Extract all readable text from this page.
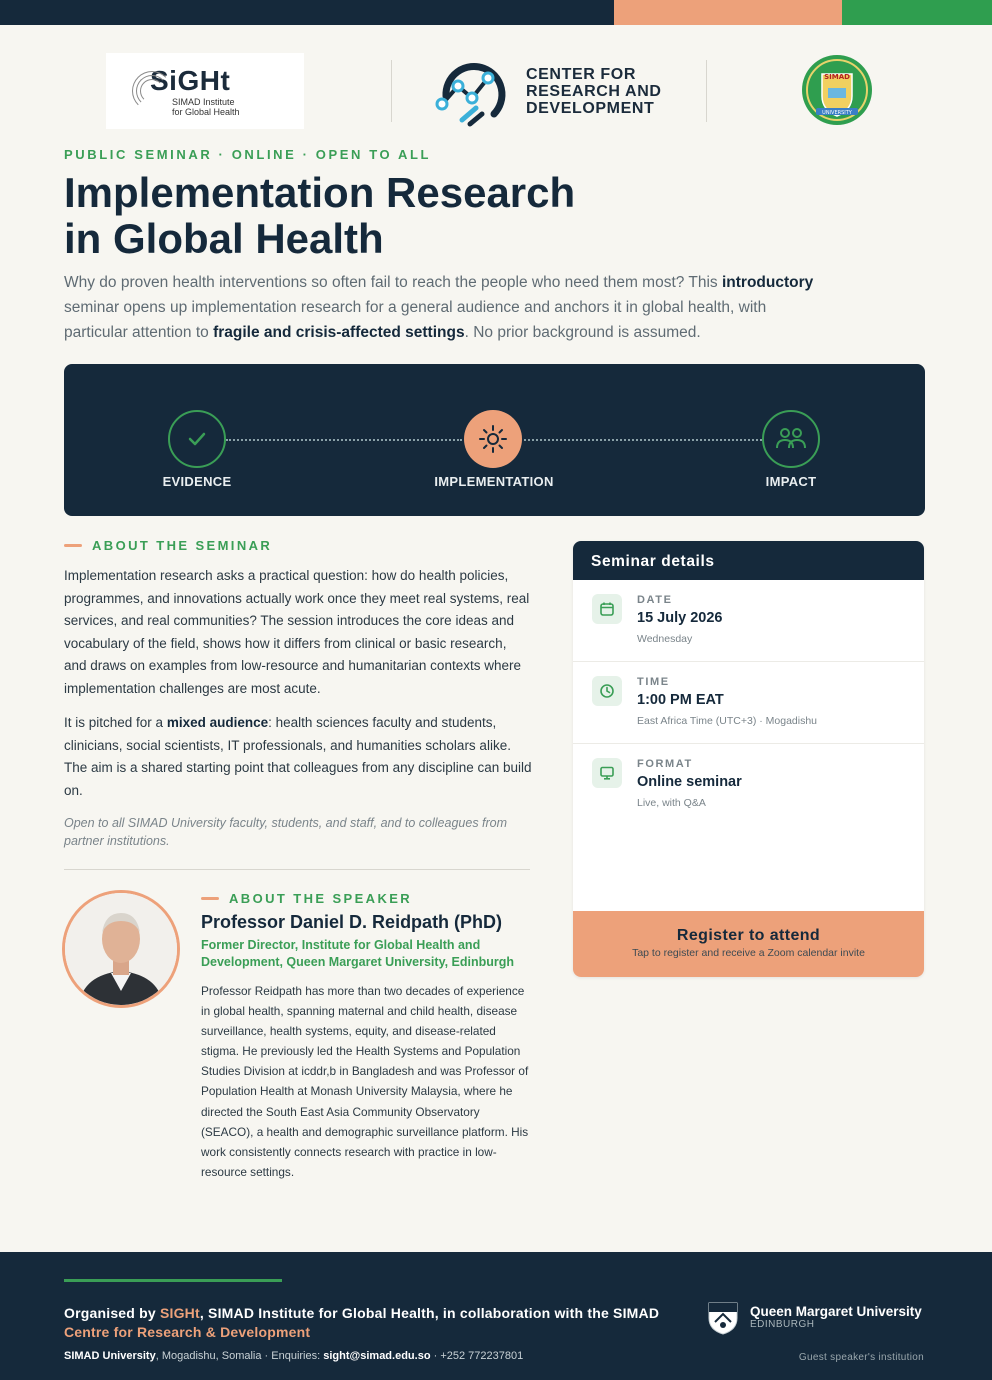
SiGHt
SIMAD Institute
for Global Health
CENTER FOR
RESEARCH AND
DEVELOPMENT
SIMAD
UNIVERSITY
PUBLIC SEMINAR · ONLINE · OPEN TO ALL
Implementation Research
in Global Health

Why do proven health interventions so often fail to reach the people who need them most? This introductory seminar opens up implementation research for a general audience and anchors it in global health, with particular attention to fragile and crisis-affected settings. No prior background is assumed.

EVIDENCE	IMPLEMENTATION	IMPACT
ABOUT THE SEMINAR

Implementation research asks a practical question: how do health policies, programmes, and innovations actually work once they meet real systems, real services, and real communities? The session introduces the core ideas and vocabulary of the field, shows how it differs from clinical or basic research, and draws on examples from low-resource and humanitarian contexts where implementation challenges are most acute.

It is pitched for a mixed audience: health sciences faculty and students, clinicians, social scientists, IT professionals, and humanities scholars alike. The aim is a shared starting point that colleagues from any discipline can build on.

Open to all SIMAD University faculty, students, and staff, and to colleagues from partner institutions.

Seminar details
DATE
15 July 2026
Wednesday
TIME
1:00 PM EAT
East Africa Time (UTC+3) · Mogadishu
FORMAT
Online seminar
Live, with Q&A
Register to attend
Tap to register and receive a Zoom calendar invite
ABOUT THE SPEAKER
Professor Daniel D. Reidpath (PhD)
Former Director, Institute for Global Health and Development, Queen Margaret University, Edinburgh
Professor Reidpath has more than two decades of experience in global health, spanning maternal and child health, disease surveillance, health systems, equity, and disease-related stigma. He previously led the Health Systems and Population Studies Division at icddr,b in Bangladesh and was Professor of Population Health at Monash University Malaysia, where he directed the South East Asia Community Observatory (SEACO), a health and demographic surveillance platform. His work consistently connects research with practice in low-resource settings.
Organised by SIGHt, SIMAD Institute for Global Health, in collaboration with the SIMAD Centre for Research & Development
SIMAD University, Mogadishu, Somalia · Enquiries: sight@simad.edu.so · +252 772237801
Queen Margaret University
EDINBURGH
Guest speaker's institution
